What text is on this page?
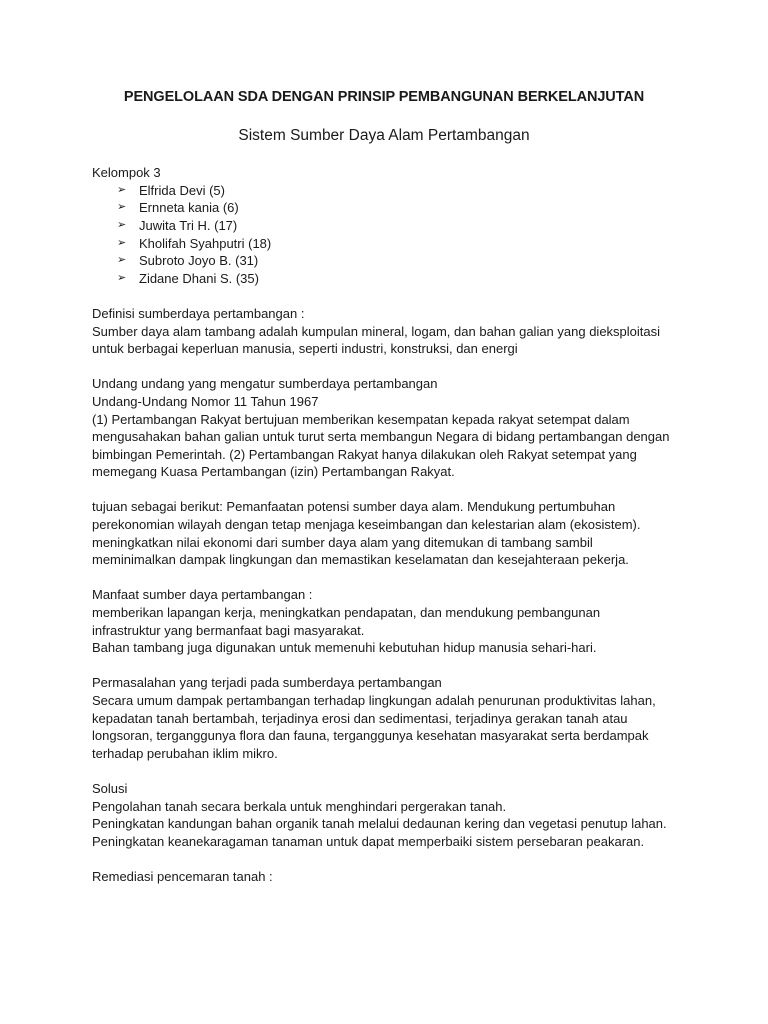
PENGELOLAAN SDA DENGAN PRINSIP PEMBANGUNAN BERKELANJUTAN
Sistem Sumber Daya Alam Pertambangan

Kelompok 3

➢ Elfrida Devi (5)
➢ Ernneta kania (6)
➢ Juwita Tri H. (17)
➢ Kholifah Syahputri (18)
➢ Subroto Joyo B. (31)
➢ Zidane Dhani S. (35)

Definisi sumberdaya pertambangan :

Sumber daya alam tambang adalah kumpulan mineral, logam, dan bahan galian yang dieksploitasi

untuk berbagai keperluan manusia, seperti industri, konstruksi, dan energi

Undang undang yang mengatur sumberdaya pertambangan

Undang-Undang Nomor 11 Tahun 1967

(1) Pertambangan Rakyat bertujuan memberikan kesempatan kepada rakyat setempat dalam

mengusahakan bahan galian untuk turut serta membangun Negara di bidang pertambangan dengan

bimbingan Pemerintah. (2) Pertambangan Rakyat hanya dilakukan oleh Rakyat setempat yang

memegang Kuasa Pertambangan (izin) Pertambangan Rakyat.

tujuan sebagai berikut: Pemanfaatan potensi sumber daya alam. Mendukung pertumbuhan

perekonomian wilayah dengan tetap menjaga keseimbangan dan kelestarian alam (ekosistem).

meningkatkan nilai ekonomi dari sumber daya alam yang ditemukan di tambang sambil

meminimalkan dampak lingkungan dan memastikan keselamatan dan kesejahteraan pekerja.

Manfaat sumber daya pertambangan :

memberikan lapangan kerja, meningkatkan pendapatan, dan mendukung pembangunan

infrastruktur yang bermanfaat bagi masyarakat.

Bahan tambang juga digunakan untuk memenuhi kebutuhan hidup manusia sehari-hari.

Permasalahan yang terjadi pada sumberdaya pertambangan

Secara umum dampak pertambangan terhadap lingkungan adalah penurunan produktivitas lahan,

kepadatan tanah bertambah, terjadinya erosi dan sedimentasi, terjadinya gerakan tanah atau

longsoran, terganggunya flora dan fauna, terganggunya kesehatan masyarakat serta berdampak

terhadap perubahan iklim mikro.

Solusi

Pengolahan tanah secara berkala untuk menghindari pergerakan tanah.

Peningkatan kandungan bahan organik tanah melalui dedaunan kering dan vegetasi penutup lahan.

Peningkatan keanekaragaman tanaman untuk dapat memperbaiki sistem persebaran peakaran.

Remediasi pencemaran tanah :
